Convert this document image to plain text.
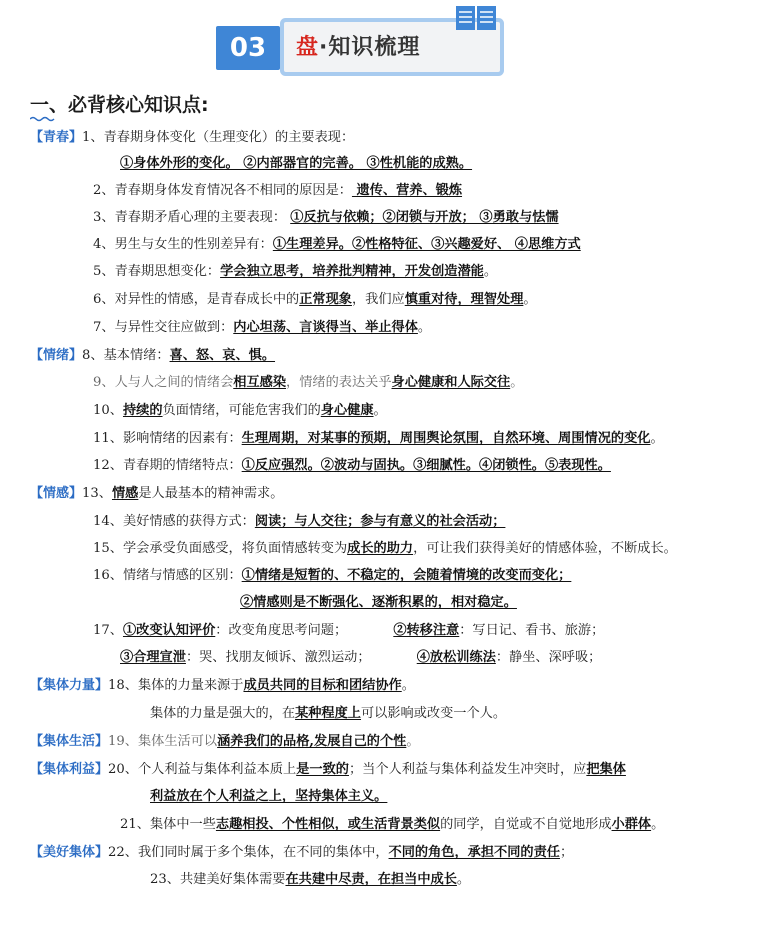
03	盘·知识梳理
一、必背核心知识点:
【青春】1、青春期身体变化（生理变化）的主要表现：
①身体外形的变化。 ②内部器官的完善。 ③性机能的成熟。
2、青春期身体发育情况各不相同的原因是： 遗传、营养、锻炼
3、青春期矛盾心理的主要表现： ①反抗与依赖；②闭锁与开放； ③勇敢与怯懦
4、男生与女生的性别差异有：①生理差异。②性格特征、③兴趣爱好、 ④思维方式
5、青春期思想变化：学会独立思考，培养批判精神，开发创造潜能。
6、对异性的情感，是青春成长中的正常现象，我们应慎重对待，理智处理。
7、与异性交往应做到：内心坦荡、言谈得当、举止得体。
【情绪】8、基本情绪：喜、怒、哀、惧。
9、人与人之间的情绪会相互感染，情绪的表达关乎身心健康和人际交往。
10、持续的负面情绪，可能危害我们的身心健康。
11、影响情绪的因素有：生理周期，对某事的预期，周围舆论氛围，自然环境、周围情况的变化。
12、青春期的情绪特点：①反应强烈。②波动与固执。③细腻性。④闭锁性。⑤表现性。
【情感】13、情感是人最基本的精神需求。
14、美好情感的获得方式：阅读；与人交往；参与有意义的社会活动；
15、学会承受负面感受，将负面情感转变为成长的助力，可让我们获得美好的情感体验，不断成长。
16、情绪与情感的区别：①情绪是短暂的、不稳定的，会随着情境的改变而变化；
②情感则是不断强化、逐渐积累的，相对稳定。
17、①改变认知评价：改变角度思考问题；　　　　②转移注意：写日记、看书、旅游；
③合理宣泄：哭、找朋友倾诉、激烈运动；　　　　④放松训练法：静坐、深呼吸；
【集体力量】18、集体的力量来源于成员共同的目标和团结协作。
集体的力量是强大的，在某种程度上可以影响或改变一个人。
【集体生活】19、集体生活可以涵养我们的品格,发展自己的个性。
【集体利益】20、个人利益与集体利益本质上是一致的；当个人利益与集体利益发生冲突时，应把集体
利益放在个人利益之上，坚持集体主义。
21、集体中一些志趣相投、个性相似，或生活背景类似的同学，自觉或不自觉地形成小群体。
【美好集体】22、我们同时属于多个集体，在不同的集体中，不同的角色，承担不同的责任；
23、共建美好集体需要在共建中尽责，在担当中成长。
